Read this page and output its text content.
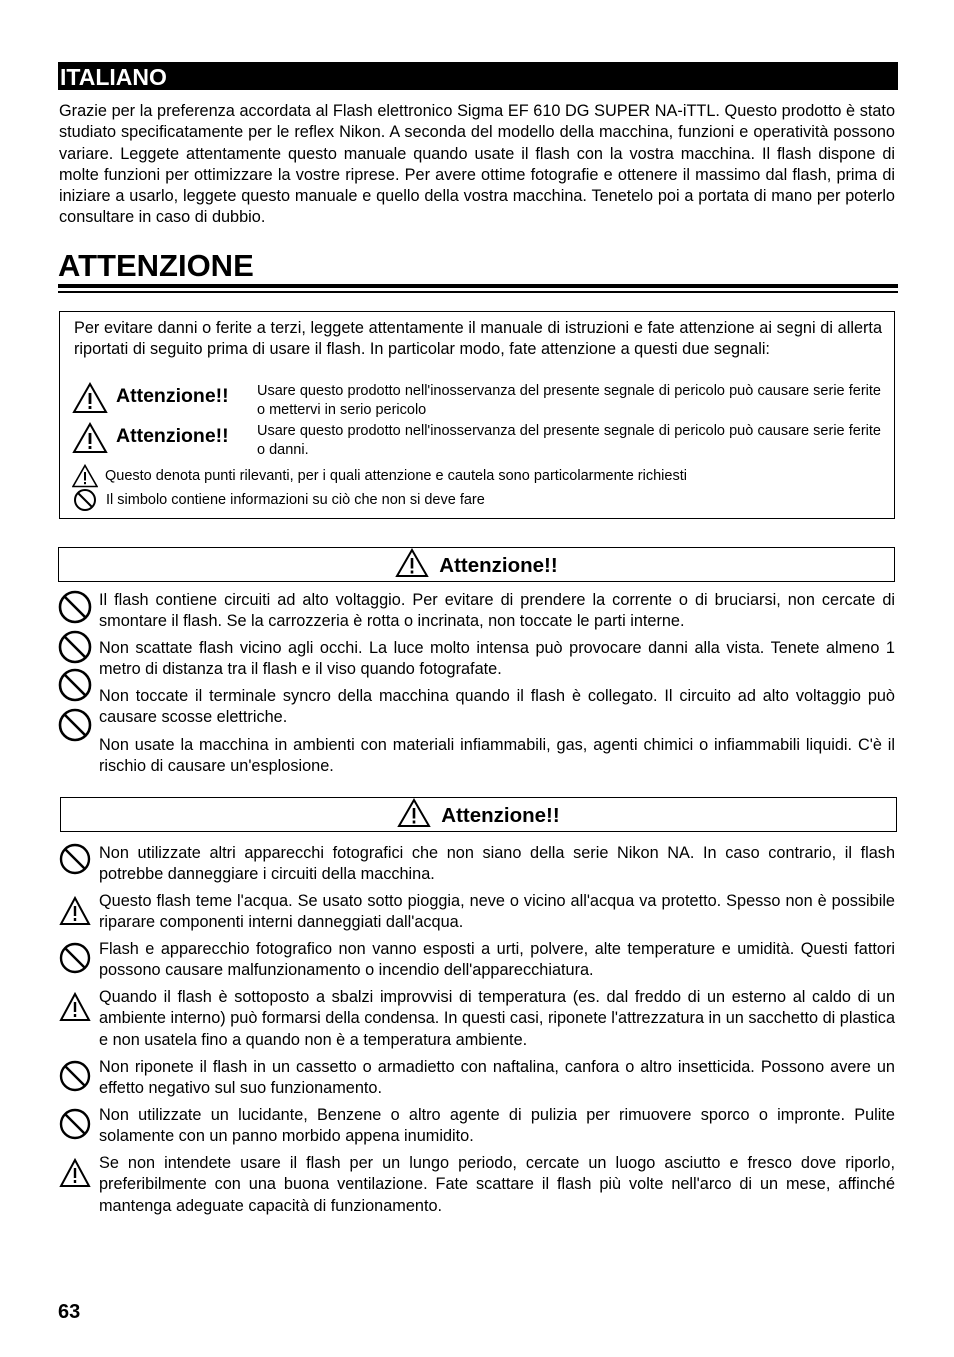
ITALIANO
Grazie per la preferenza accordata al Flash elettronico Sigma EF 610 DG SUPER NA-iTTL. Questo prodotto è stato studiato specificatamente per le reflex Nikon. A seconda del modello della macchina, funzioni e operatività possono variare. Leggete attentamente questo manuale quando usate il flash con la vostra macchina. Il flash dispone di molte funzioni per ottimizzare la vostre riprese. Per avere ottime fotografie e ottenere il massimo dal flash, prima di iniziare a usarlo, leggete questo manuale e quello della vostra macchina. Tenetelo poi a portata di mano per poterlo consultare in caso di dubbio.
ATTENZIONE
Per evitare danni o ferite a terzi, leggete attentamente il manuale di istruzioni e fate attenzione ai segni di allerta riportati di seguito prima di usare il flash. In particolar modo, fate attenzione a questi due segnali:
Attenzione!! Usare questo prodotto nell'inosservanza del presente segnale di pericolo può causare serie ferite o mettervi in serio pericolo
Attenzione!! Usare questo prodotto nell'inosservanza del presente segnale di pericolo può causare serie ferite o danni.
Questo denota punti rilevanti, per i quali attenzione e cautela sono particolarmente richiesti
Il simbolo contiene informazioni su ciò che non si deve fare
Attenzione!!
Il flash contiene circuiti ad alto voltaggio. Per evitare di prendere la corrente o di bruciarsi, non cercate di smontare il flash. Se la carrozzeria è rotta o incrinata, non toccate le parti interne.
Non scattate flash vicino agli occhi. La luce molto intensa può provocare danni alla vista. Tenete almeno 1 metro di distanza tra il flash e il viso quando fotografate.
Non toccate il terminale syncro della macchina quando il flash è collegato. Il circuito ad alto voltaggio può causare scosse elettriche.
Non usate la macchina in ambienti con materiali infiammabili, gas, agenti chimici o infiammabili liquidi. C'è il rischio di causare un'esplosione.
Attenzione!!
Non utilizzate altri apparecchi fotografici che non siano della serie Nikon NA. In caso contrario, il flash potrebbe danneggiare i circuiti della macchina.
Questo flash teme l'acqua. Se usato sotto pioggia, neve o vicino all'acqua va protetto. Spesso non è possibile riparare componenti interni danneggiati dall'acqua.
Flash e apparecchio fotografico non vanno esposti a urti, polvere, alte temperature e umidità. Questi fattori possono causare malfunzionamento o incendio dell'apparecchiatura.
Quando il flash è sottoposto a sbalzi improvvisi di temperatura (es. dal freddo di un esterno al caldo di un ambiente interno) può formarsi della condensa. In questi casi, riponete l'attrezzatura in un sacchetto di plastica e non usatela fino a quando non è a temperatura ambiente.
Non riponete il flash in un cassetto o armadietto con naftalina, canfora o altro insetticida. Possono avere un effetto negativo sul suo funzionamento.
Non utilizzate un lucidante, Benzene o altro agente di pulizia per rimuovere sporco o impronte. Pulite solamente con un panno morbido appena inumidito.
Se non intendete usare il flash per un lungo periodo, cercate un luogo asciutto e fresco dove riporlo, preferibilmente con una buona ventilazione. Fate scattare il flash più volte nell'arco di un mese, affinché mantenga adeguate capacità di funzionamento.
63
